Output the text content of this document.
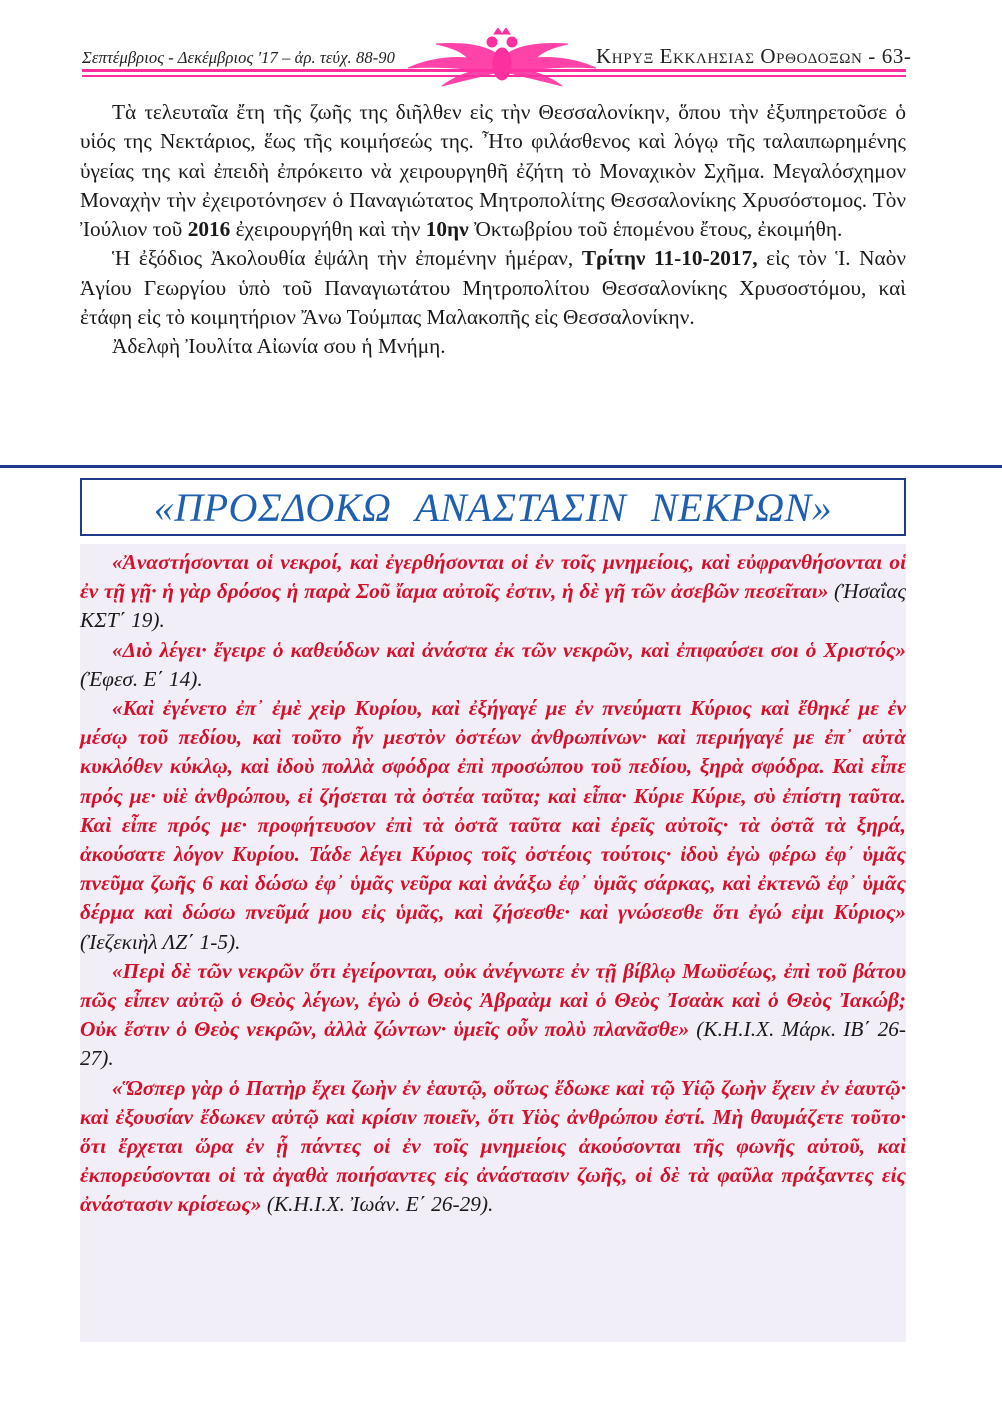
Σεπτέμβριος - Δεκέμβριος '17 – ἀρ. τεύχ. 88-90	Κηρυξ Εκκλησιας Ορθοδοξων - 63-

Τὰ τελευταῖα ἔτη τῆς ζωῆς της διῆλθεν εἰς τὴν Θεσσαλονίκην, ὅπου τὴν ἐξυπηρετοῦσε ὁ υἱός της Νεκτάριος, ἕως τῆς κοιμήσεώς της. Ἦτο φιλάσθενος καὶ λόγῳ τῆς ταλαιπωρημένης ὑγείας της καὶ ἐπειδὴ ἐπρόκειτο νὰ χειρουργηθῆ ἐζήτη τὸ Μοναχικὸν Σχῆμα. Μεγαλόσχημον Μοναχὴν τὴν ἐχειροτόνησεν ὁ Παναγιώτατος Μητροπολίτης Θεσσαλονίκης Χρυσόστομος. Τὸν Ἰούλιον τοῦ 2016 ἐχειρουργήθη καὶ τὴν 10ην Ὀκτωβρίου τοῦ ἑπομένου ἔτους, ἐκοιμήθη.

Ἡ ἐξόδιος Ἀκολουθία ἐψάλη τὴν ἐπομένην ἡμέραν, Τρίτην 11-10-2017, εἰς τὸν Ἱ. Ναὸν Ἁγίου Γεωργίου ὑπὸ τοῦ Παναγιωτάτου Μητροπολίτου Θεσσαλονίκης Χρυσοστόμου, καὶ ἐτάφη εἰς τὸ κοιμητήριον Ἄνω Τούμπας Μαλακοπῆς εἰς Θεσσαλονίκην.

Ἀδελφὴ Ἰουλίτα Αἰωνία σου ἡ Μνήμη.

«ΠΡΟΣΔΟΚΩ ΑΝΑΣΤΑΣΙΝ ΝΕΚΡΩΝ»

«Ἀναστήσονται οἱ νεκροί, καὶ ἐγερθήσονται οἱ ἐν τοῖς μνημείοις, καὶ εὐφρανθήσονται οἱ ἐν τῇ γῇ· ἡ γὰρ δρόσος ἡ παρὰ Σοῦ ἴαμα αὐτοῖς ἐστιν, ἡ δὲ γῆ τῶν ἀσεβῶν πεσεῖται» (Ἠσαΐας ΚΣΤ΄ 19).

«Διὸ λέγει· ἔγειρε ὁ καθεύδων καὶ ἀνάστα ἐκ τῶν νεκρῶν, καὶ ἐπιφαύσει σοι ὁ Χριστός» (Ἐφεσ. Ε΄ 14).

«Καὶ ἐγένετο ἐπ᾽ ἐμὲ χεὶρ Κυρίου, καὶ ἐξήγαγέ με ἐν πνεύματι Κύριος καὶ ἔθηκέ με ἐν μέσῳ τοῦ πεδίου, καὶ τοῦτο ἦν μεστὸν ὀστέων ἀνθρωπίνων· καὶ περιήγαγέ με ἐπ᾽ αὐτὰ κυκλόθεν κύκλῳ, καὶ ἰδοὺ πολλὰ σφόδρα ἐπὶ προσώπου τοῦ πεδίου, ξηρὰ σφόδρα. Καὶ εἶπε πρός με· υἱὲ ἀνθρώπου, εἰ ζήσεται τὰ ὀστέα ταῦτα; καὶ εἶπα· Κύριε Κύριε, σὺ ἐπίστη ταῦτα. Καὶ εἶπε πρός με· προφήτευσον ἐπὶ τὰ ὀστᾶ ταῦτα καὶ ἐρεῖς αὐτοῖς· τὰ ὀστᾶ τὰ ξηρά, ἀκούσατε λόγον Κυρίου. Τάδε λέγει Κύριος τοῖς ὀστέοις τούτοις· ἰδοὺ ἐγὼ φέρω ἐφ᾽ ὑμᾶς πνεῦμα ζωῆς 6 καὶ δώσω ἐφ᾽ ὑμᾶς νεῦρα καὶ ἀνάξω ἐφ᾽ ὑμᾶς σάρκας, καὶ ἐκτενῶ ἐφ᾽ ὑμᾶς δέρμα καὶ δώσω πνεῦμά μου εἰς ὑμᾶς, καὶ ζήσεσθε· καὶ γνώσεσθε ὅτι ἐγώ εἰμι Κύριος» (Ἰεζεκιὴλ ΛΖ΄ 1-5).

«Περὶ δὲ τῶν νεκρῶν ὅτι ἐγείρονται, οὐκ ἀνέγνωτε ἐν τῇ βίβλῳ Μωϋσέως, ἐπὶ τοῦ βάτου πῶς εἶπεν αὐτῷ ὁ Θεὸς λέγων, ἐγὼ ὁ Θεὸς Ἀβραὰμ καὶ ὁ Θεὸς Ἰσαὰκ καὶ ὁ Θεὸς Ἰακώβ; Οὐκ ἔστιν ὁ Θεὸς νεκρῶν, ἀλλὰ ζώντων· ὑμεῖς οὖν πολὺ πλανᾶσθε» (Κ.Η.Ι.Χ. Μάρκ. ΙΒ΄ 26-27).

«Ὥσπερ γὰρ ὁ Πατὴρ ἔχει ζωὴν ἐν ἑαυτῷ, οὕτως ἔδωκε καὶ τῷ Υἱῷ ζωὴν ἔχειν ἐν ἑαυτῷ· καὶ ἐξουσίαν ἔδωκεν αὐτῷ καὶ κρίσιν ποιεῖν, ὅτι Υἱὸς ἀνθρώπου ἐστί. Μὴ θαυμάζετε τοῦτο· ὅτι ἔρχεται ὥρα ἐν ᾗ πάντες οἱ ἐν τοῖς μνημείοις ἀκούσονται τῆς φωνῆς αὐτοῦ, καὶ ἐκπορεύσονται οἱ τὰ ἀγαθὰ ποιήσαντες εἰς ἀνάστασιν ζωῆς, οἱ δὲ τὰ φαῦλα πράξαντες εἰς ἀνάστασιν κρίσεως» (Κ.Η.Ι.Χ. Ἰωάν. Ε΄ 26-29).
